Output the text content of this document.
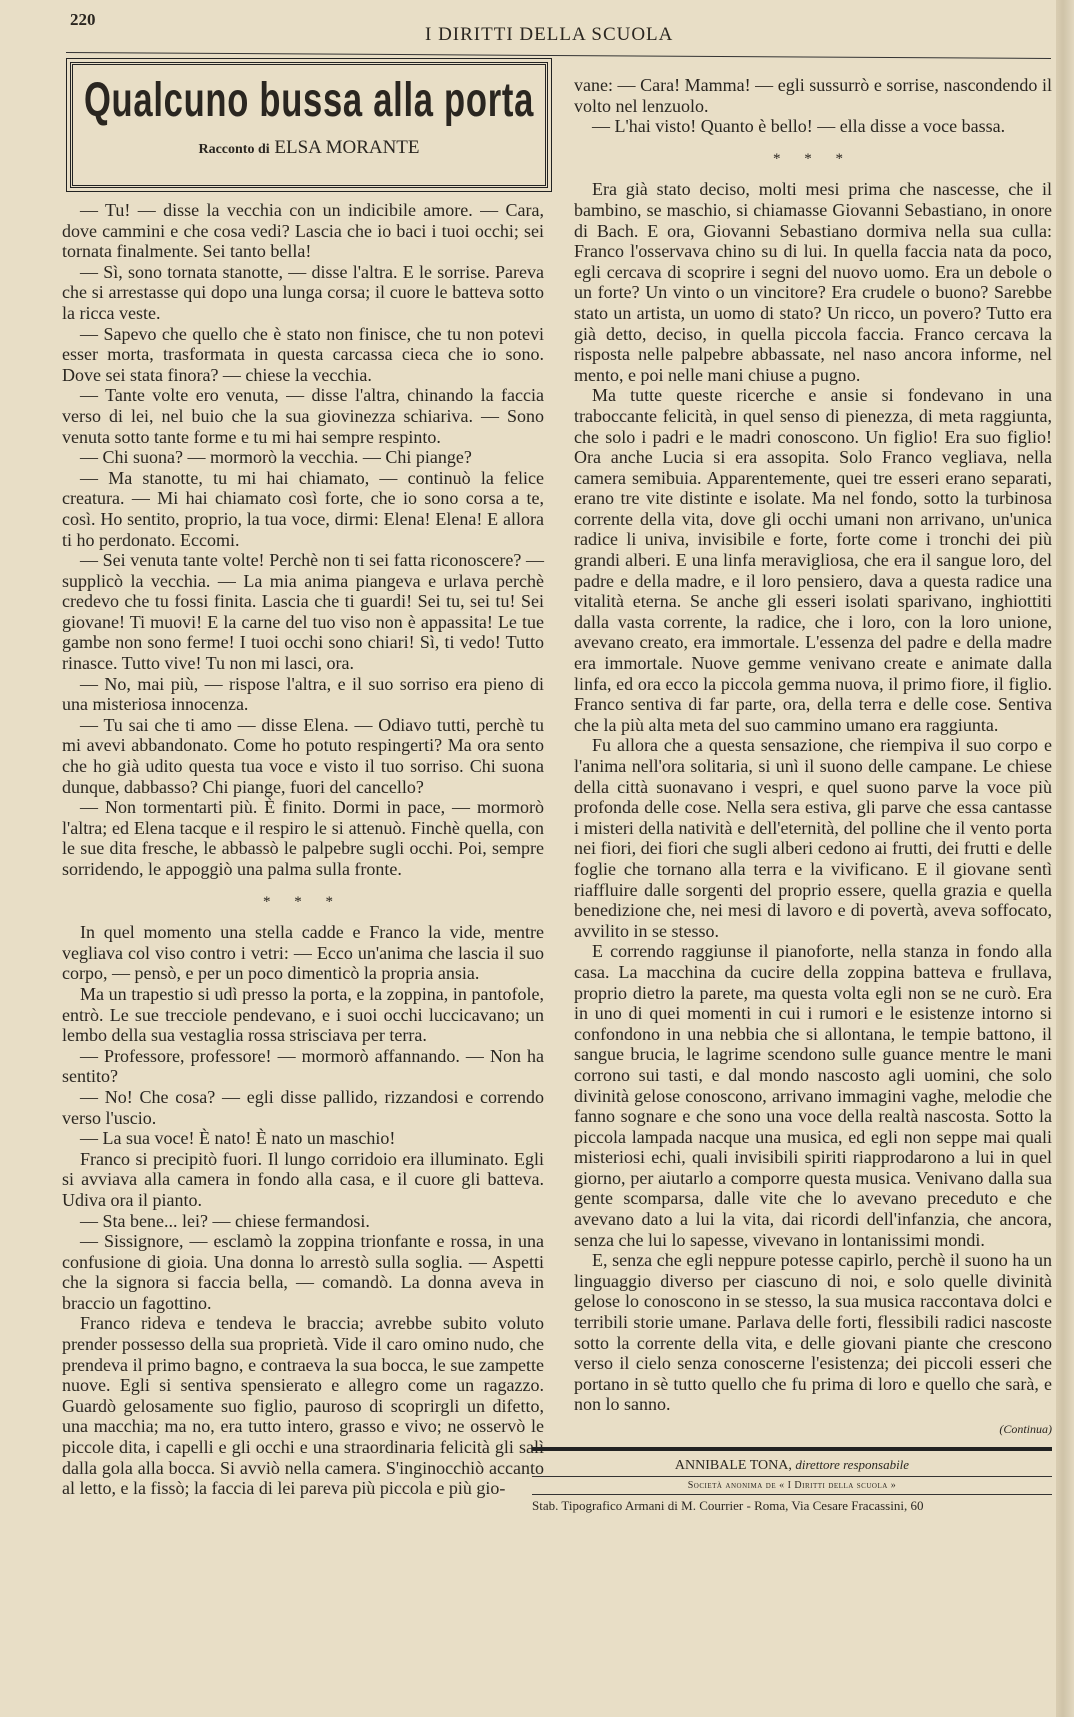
220
I DIRITTI DELLA SCUOLA
Qualcuno bussa alla porta
Racconto di ELSA MORANTE

— Tu! — disse la vecchia con un indicibile amore. — Cara, dove cammini e che cosa vedi? Lascia che io baci i tuoi occhi; sei tornata finalmente. Sei tanto bella!

— Sì, sono tornata stanotte, — disse l'altra. E le sorrise. Pareva che si arrestasse qui dopo una lunga corsa; il cuore le batteva sotto la ricca veste.

— Sapevo che quello che è stato non finisce, che tu non potevi esser morta, trasformata in questa carcassa cieca che io sono. Dove sei stata finora? — chiese la vecchia.

— Tante volte ero venuta, — disse l'altra, chinando la faccia verso di lei, nel buio che la sua giovinezza schiariva. — Sono venuta sotto tante forme e tu mi hai sempre respinto.

— Chi suona? — mormorò la vecchia. — Chi piange?

— Ma stanotte, tu mi hai chiamato, — continuò la felice creatura. — Mi hai chiamato così forte, che io sono corsa a te, così. Ho sentito, proprio, la tua voce, dirmi: Elena! Elena! E allora ti ho perdonato. Eccomi.

— Sei venuta tante volte! Perchè non ti sei fatta riconoscere? — supplicò la vecchia. — La mia anima piangeva e urlava perchè credevo che tu fossi finita. Lascia che ti guardi! Sei tu, sei tu! Sei giovane! Ti muovi! E la carne del tuo viso non è appassita! Le tue gambe non sono ferme! I tuoi occhi sono chiari! Sì, ti vedo! Tutto rinasce. Tutto vive! Tu non mi lasci, ora.

— No, mai più, — rispose l'altra, e il suo sorriso era pieno di una misteriosa innocenza.

— Tu sai che ti amo — disse Elena. — Odiavo tutti, perchè tu mi avevi abbandonato. Come ho potuto respingerti? Ma ora sento che ho già udito questa tua voce e visto il tuo sorriso. Chi suona dunque, dabbasso? Chi piange, fuori del cancello?

— Non tormentarti più. È finito. Dormi in pace, — mormorò l'altra; ed Elena tacque e il respiro le si attenuò. Finchè quella, con le sue dita fresche, le abbassò le palpebre sugli occhi. Poi, sempre sorridendo, le appoggiò una palma sulla fronte.

* * *

In quel momento una stella cadde e Franco la vide, mentre vegliava col viso contro i vetri: — Ecco un'anima che lascia il suo corpo, — pensò, e per un poco dimenticò la propria ansia.

Ma un trapestio si udì presso la porta, e la zoppina, in pantofole, entrò. Le sue trecciole pendevano, e i suoi occhi luccicavano; un lembo della sua vestaglia rossa strisciava per terra.

— Professore, professore! — mormorò affannando. — Non ha sentito?

— No! Che cosa? — egli disse pallido, rizzandosi e correndo verso l'uscio.

— La sua voce! È nato! È nato un maschio!

Franco si precipitò fuori. Il lungo corridoio era illuminato. Egli si avviava alla camera in fondo alla casa, e il cuore gli batteva. Udiva ora il pianto.

— Sta bene... lei? — chiese fermandosi.

— Sissignore, — esclamò la zoppina trionfante e rossa, in una confusione di gioia. Una donna lo arrestò sulla soglia. — Aspetti che la signora si faccia bella, — comandò. La donna aveva in braccio un fagottino.

Franco rideva e tendeva le braccia; avrebbe subito voluto prender possesso della sua proprietà. Vide il caro omino nudo, che prendeva il primo bagno, e contraeva la sua bocca, le sue zampette nuove. Egli si sentiva spensierato e allegro come un ragazzo. Guardò gelosamente suo figlio, pauroso di scoprirgli un difetto, una macchia; ma no, era tutto intero, grasso e vivo; ne osservò le piccole dita, i capelli e gli occhi e una straordinaria felicità gli salì dalla gola alla bocca. Si avviò nella camera. S'inginocchiò accanto al letto, e la fissò; la faccia di lei pareva più piccola e più gio-

vane: — Cara! Mamma! — egli sussurrò e sorrise, nascondendo il volto nel lenzuolo.

— L'hai visto! Quanto è bello! — ella disse a voce bassa.

* * *

Era già stato deciso, molti mesi prima che nascesse, che il bambino, se maschio, si chiamasse Giovanni Sebastiano, in onore di Bach. E ora, Giovanni Sebastiano dormiva nella sua culla: Franco l'osservava chino su di lui. In quella faccia nata da poco, egli cercava di scoprire i segni del nuovo uomo. Era un debole o un forte? Un vinto o un vincitore? Era crudele o buono? Sarebbe stato un artista, un uomo di stato? Un ricco, un povero? Tutto era già detto, deciso, in quella piccola faccia. Franco cercava la risposta nelle palpebre abbassate, nel naso ancora informe, nel mento, e poi nelle mani chiuse a pugno.

Ma tutte queste ricerche e ansie si fondevano in una traboccante felicità, in quel senso di pienezza, di meta raggiunta, che solo i padri e le madri conoscono. Un figlio! Era suo figlio! Ora anche Lucia si era assopita. Solo Franco vegliava, nella camera semibuia. Apparentemente, quei tre esseri erano separati, erano tre vite distinte e isolate. Ma nel fondo, sotto la turbinosa corrente della vita, dove gli occhi umani non arrivano, un'unica radice li univa, invisibile e forte, forte come i tronchi dei più grandi alberi. E una linfa meravigliosa, che era il sangue loro, del padre e della madre, e il loro pensiero, dava a questa radice una vitalità eterna. Se anche gli esseri isolati sparivano, inghiottiti dalla vasta corrente, la radice, che i loro, con la loro unione, avevano creato, era immortale. L'essenza del padre e della madre era immortale. Nuove gemme venivano create e animate dalla linfa, ed ora ecco la piccola gemma nuova, il primo fiore, il figlio. Franco sentiva di far parte, ora, della terra e delle cose. Sentiva che la più alta meta del suo cammino umano era raggiunta.

Fu allora che a questa sensazione, che riempiva il suo corpo e l'anima nell'ora solitaria, si unì il suono delle campane. Le chiese della città suonavano i vespri, e quel suono parve la voce più profonda delle cose. Nella sera estiva, gli parve che essa cantasse i misteri della natività e dell'eternità, del polline che il vento porta nei fiori, dei fiori che sugli alberi cedono ai frutti, dei frutti e delle foglie che tornano alla terra e la vivificano. E il giovane sentì riaffluire dalle sorgenti del proprio essere, quella grazia e quella benedizione che, nei mesi di lavoro e di povertà, aveva soffocato, avvilito in se stesso.

E correndo raggiunse il pianoforte, nella stanza in fondo alla casa. La macchina da cucire della zoppina batteva e frullava, proprio dietro la parete, ma questa volta egli non se ne curò. Era in uno di quei momenti in cui i rumori e le esistenze intorno si confondono in una nebbia che si allontana, le tempie battono, il sangue brucia, le lagrime scendono sulle guance mentre le mani corrono sui tasti, e dal mondo nascosto agli uomini, che solo divinità gelose conoscono, arrivano immagini vaghe, melodie che fanno sognare e che sono una voce della realtà nascosta. Sotto la piccola lampada nacque una musica, ed egli non seppe mai quali misteriosi echi, quali invisibili spiriti riapprodarono a lui in quel giorno, per aiutarlo a comporre questa musica. Venivano dalla sua gente scomparsa, dalle vite che lo avevano preceduto e che avevano dato a lui la vita, dai ricordi dell'infanzia, che ancora, senza che lui lo sapesse, vivevano in lontanissimi mondi.

E, senza che egli neppure potesse capirlo, perchè il suono ha un linguaggio diverso per ciascuno di noi, e solo quelle divinità gelose lo conoscono in se stesso, la sua musica raccontava dolci e terribili storie umane. Parlava delle forti, flessibili radici nascoste sotto la corrente della vita, e delle giovani piante che crescono verso il cielo senza conoscerne l'esistenza; dei piccoli esseri che portano in sè tutto quello che fu prima di loro e quello che sarà, e non lo sanno.

(Continua)
ANNIBALE TONA, direttore responsabile
Società anonima de « I Diritti della scuola »
Stab. Tipografico Armani di M. Courrier - Roma, Via Cesare Fracassini, 60
